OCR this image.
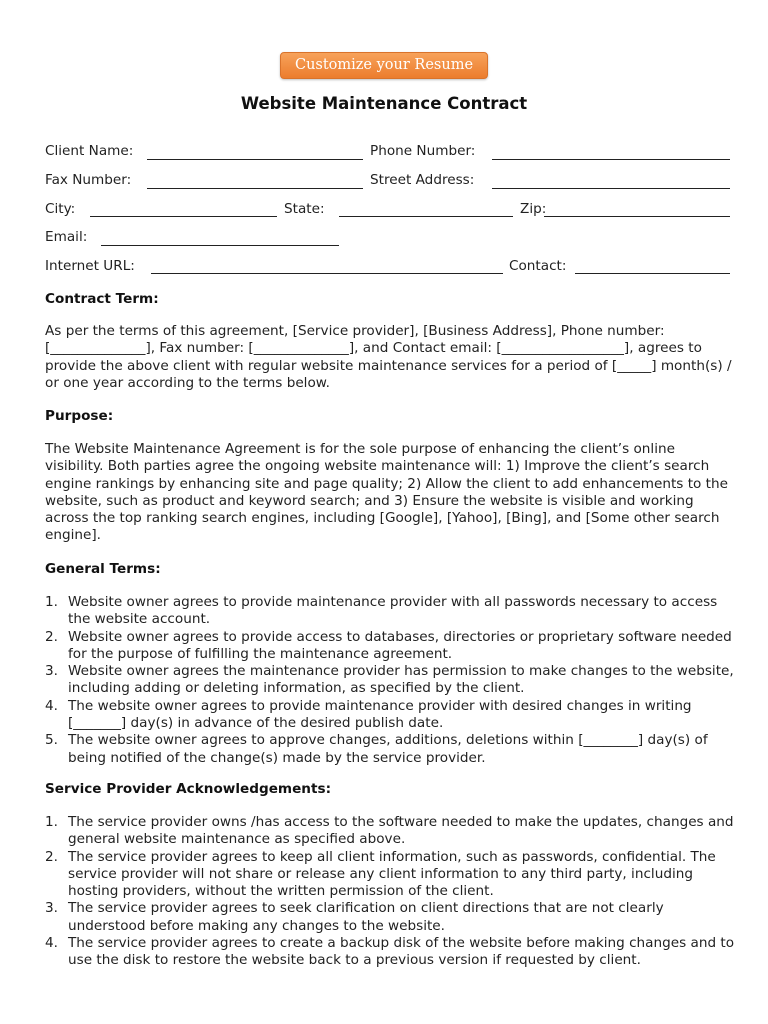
Customize your Resume
Website Maintenance Contract
Client Name:	Phone Number:
Fax Number:	Street Address:
City:	State:	Zip:
Email:
Internet URL:	Contact:
Contract Term:

As per the terms of this agreement, [Service provider], [Business Address], Phone number: [______________], Fax number: [______________], and Contact email: [__________________], agrees to provide the above client with regular website maintenance services for a period of [_____] month(s) / or one year according to the terms below.

Purpose:

The Website Maintenance Agreement is for the sole purpose of enhancing the client’s online visibility. Both parties agree the ongoing website maintenance will: 1) Improve the client’s search engine rankings by enhancing site and page quality; 2) Allow the client to add enhancements to the website, such as product and keyword search; and 3) Ensure the website is visible and working across the top ranking search engines, including [Google], [Yahoo], [Bing], and [Some other search engine].

General Terms:
1. Website owner agrees to provide maintenance provider with all passwords necessary to access the website account.
2. Website owner agrees to provide access to databases, directories or proprietary software needed for the purpose of fulfilling the maintenance agreement.
3. Website owner agrees the maintenance provider has permission to make changes to the website, including adding or deleting information, as specified by the client.
4. The website owner agrees to provide maintenance provider with desired changes in writing [_______] day(s) in advance of the desired publish date.
5. The website owner agrees to approve changes, additions, deletions within [________] day(s) of being notified of the change(s) made by the service provider.
Service Provider Acknowledgements:
1. The service provider owns /has access to the software needed to make the updates, changes and general website maintenance as specified above.
2. The service provider agrees to keep all client information, such as passwords, confidential. The service provider will not share or release any client information to any third party, including hosting providers, without the written permission of the client.
3. The service provider agrees to seek clarification on client directions that are not clearly understood before making any changes to the website.
4. The service provider agrees to create a backup disk of the website before making changes and to use the disk to restore the website back to a previous version if requested by client.
